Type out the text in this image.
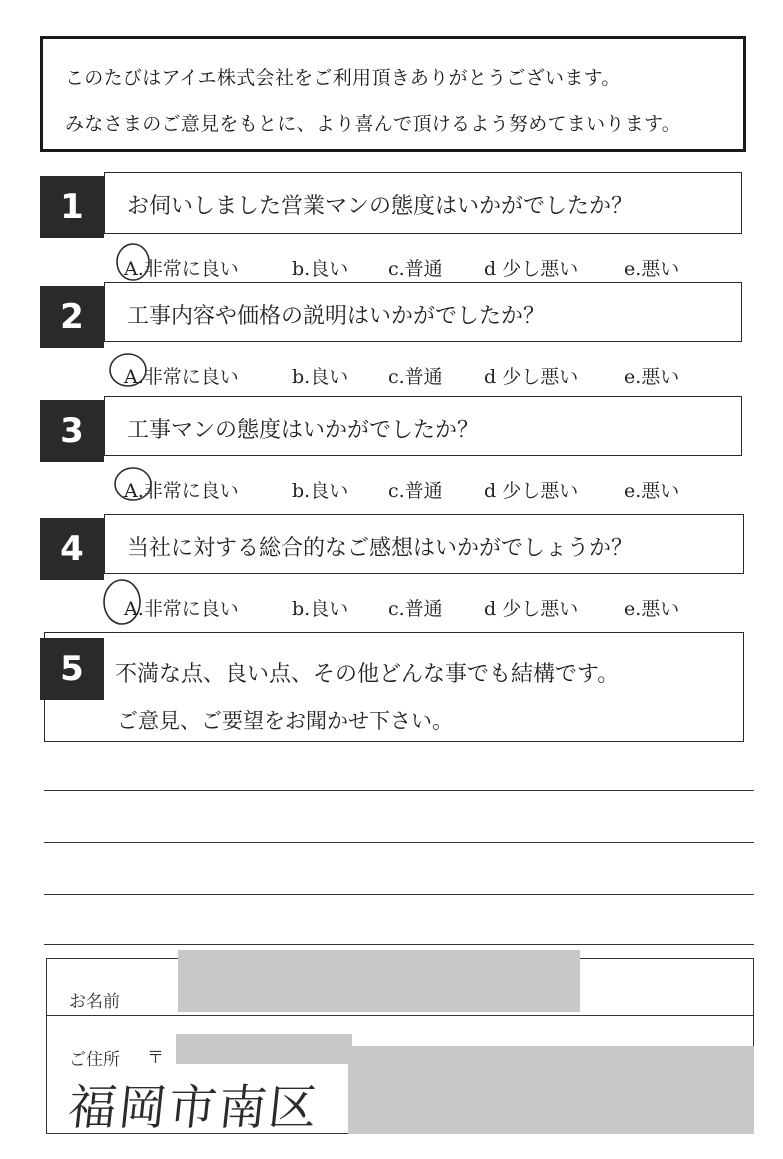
このたびはアイエ株式会社をご利用頂きありがとうございます。
みなさまのご意見をもとに、より喜んで頂けるよう努めてまいります。
お伺いしました営業マンの態度はいかがでしたか？
1
A.非常に良い	b.良い c.普通 d 少し悪い e.悪い
工事内容や価格の説明はいかがでしたか？
2
A.非常に良い	b.良い c.普通 d 少し悪い e.悪い
工事マンの態度はいかがでしたか？
3
A.非常に良い	b.良い c.普通 d 少し悪い e.悪い
当社に対する総合的なご感想はいかがでしょうか？
4
A.非常に良い	b.良い c.普通 d 少し悪い e.悪い
不満な点、良い点、その他どんな事でも結構です。
ご意見、ご要望をお聞かせ下さい。
5
お名前
ご住所 〒
福岡市南区
